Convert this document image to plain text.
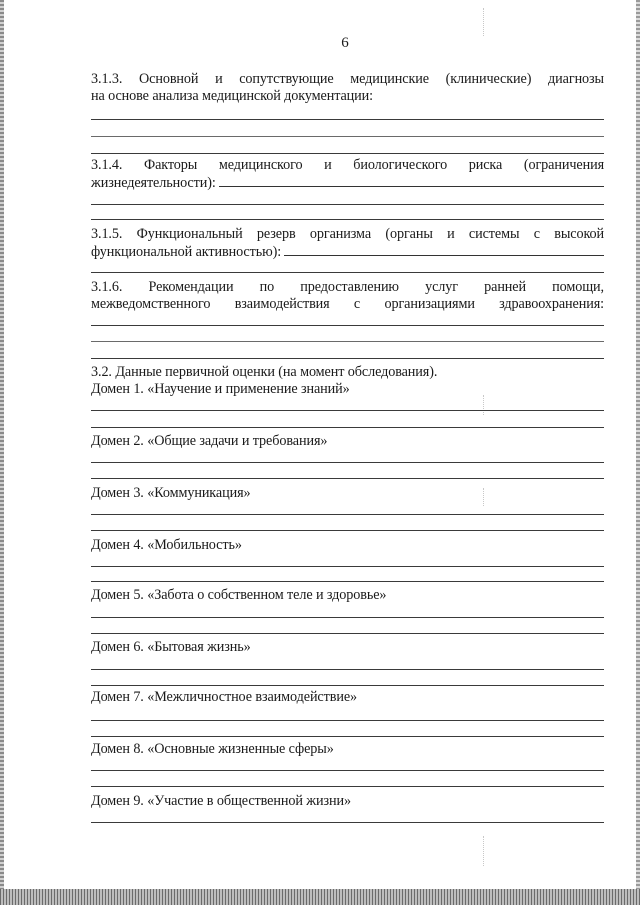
6

3.1.3. Основной и сопутствующие медицинские (клинические) диагнозы

на основе анализа медицинской документации:

3.1.4. Факторы медицинского и биологического риска (ограничения

жизнедеятельности):

3.1.5. Функциональный резерв организма (органы и системы с высокой

функциональной активностью):

3.1.6. Рекомендации по предоставлению услуг ранней помощи,

межведомственного взаимодействия с организациями здравоохранения:

3.2. Данные первичной оценки (на момент обследования).

Домен 1. «Научение и применение знаний»

Домен 2. «Общие задачи и требования»

Домен 3. «Коммуникация»

Домен 4. «Мобильность»

Домен 5. «Забота о собственном теле и здоровье»

Домен 6. «Бытовая жизнь»

Домен 7. «Межличностное взаимодействие»

Домен 8. «Основные жизненные сферы»

Домен 9. «Участие в общественной жизни»
